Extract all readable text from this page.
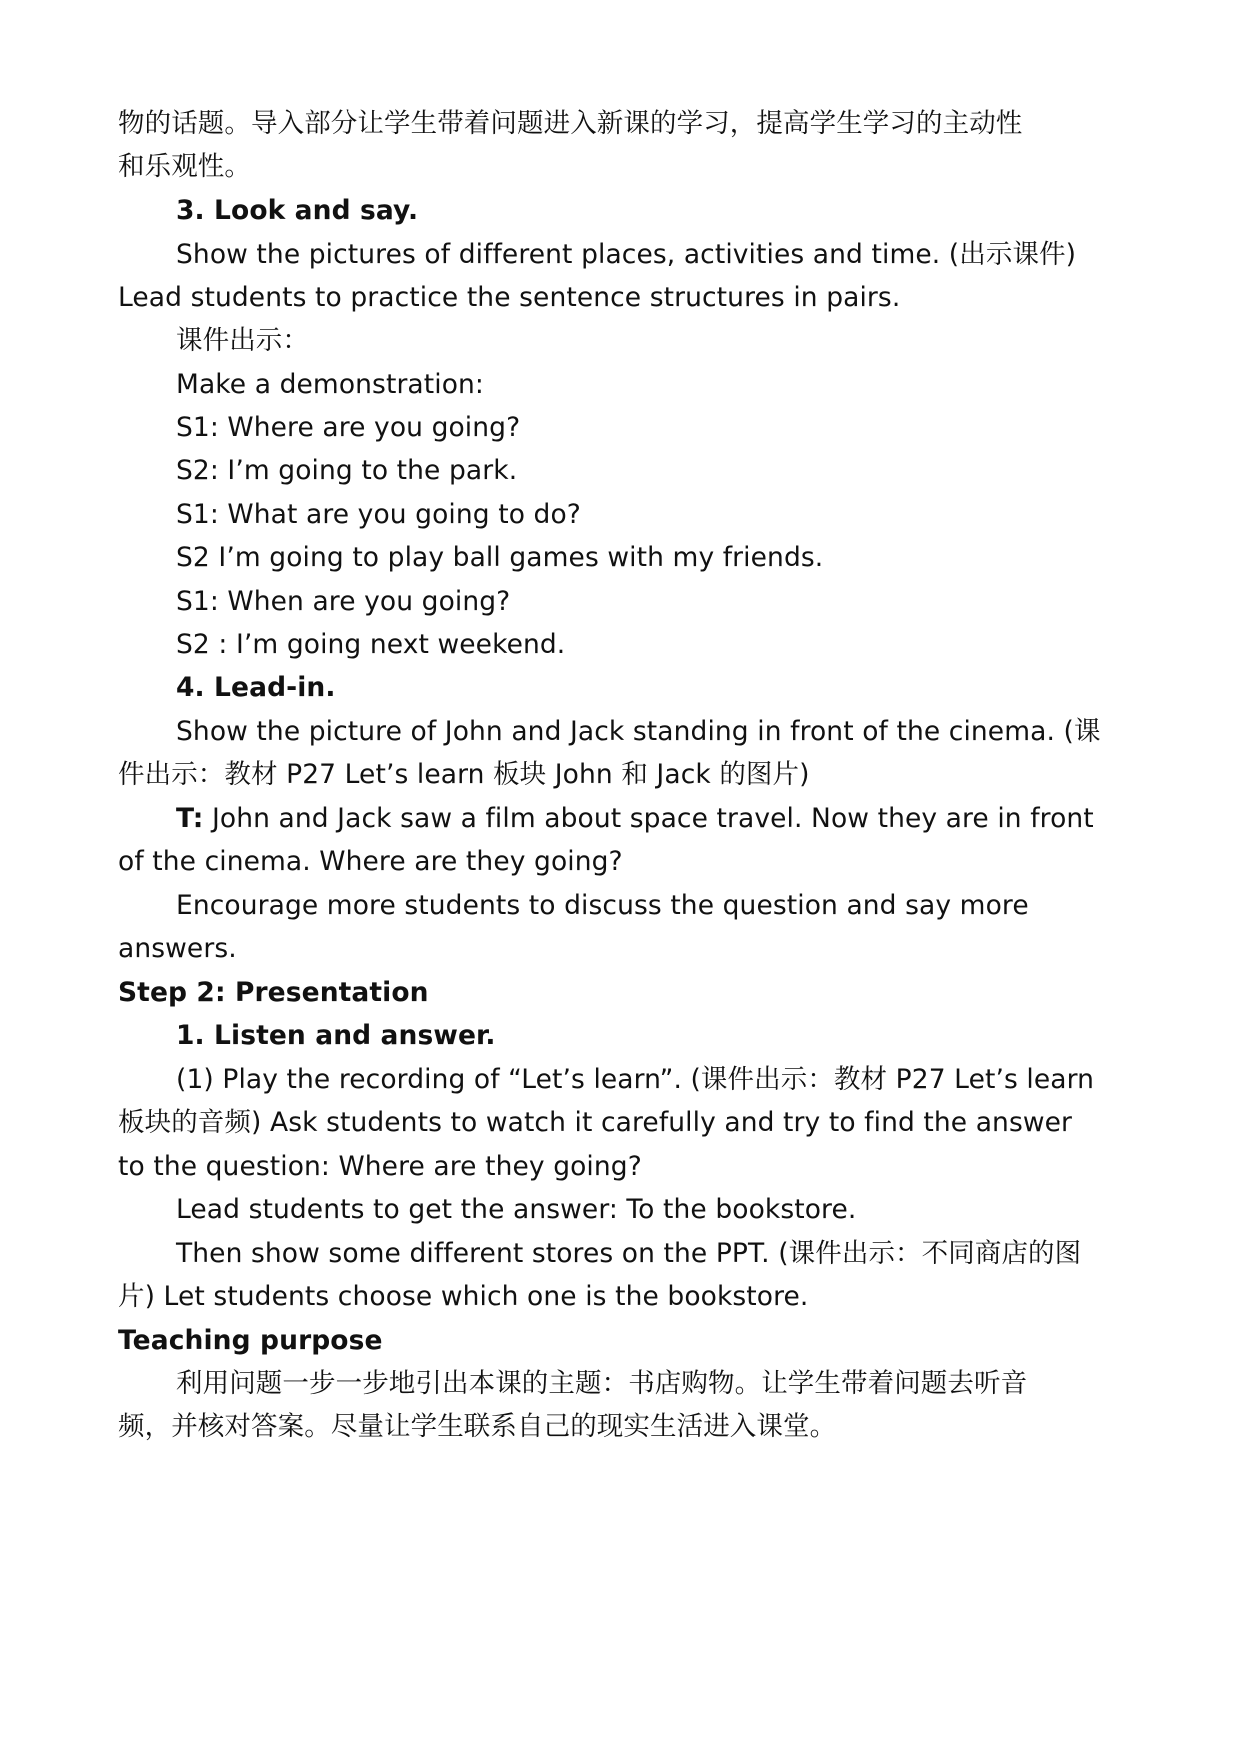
物的话题。导入部分让学生带着问题进入新课的学习，提高学生学习的主动性
和乐观性。
3. Look and say.
Show the pictures of different places, activities and time. (出示课件)
Lead students to practice the sentence structures in pairs.
课件出示：
Make a demonstration:
S1: Where are you going?
S2: I’m going to the park.
S1: What are you going to do?
S2 I’m going to play ball games with my friends.
S1: When are you going?
S2 : I’m going next weekend.
4. Lead-in.
Show the picture of John and Jack standing in front of the cinema. (课
件出示：教材 P27 Let’s learn 板块 John 和 Jack 的图片)
T: John and Jack saw a film about space travel. Now they are in front
of the cinema. Where are they going?
Encourage more students to discuss the question and say more
answers.
Step 2: Presentation
1. Listen and answer.
(1) Play the recording of “Let’s learn”. (课件出示：教材 P27 Let’s learn
板块的音频) Ask students to watch it carefully and try to find the answer
to the question: Where are they going?
Lead students to get the answer: To the bookstore.
Then show some different stores on the PPT. (课件出示：不同商店的图
片) Let students choose which one is the bookstore.
Teaching purpose
利用问题一步一步地引出本课的主题：书店购物。让学生带着问题去听音
频，并核对答案。尽量让学生联系自己的现实生活进入课堂。
